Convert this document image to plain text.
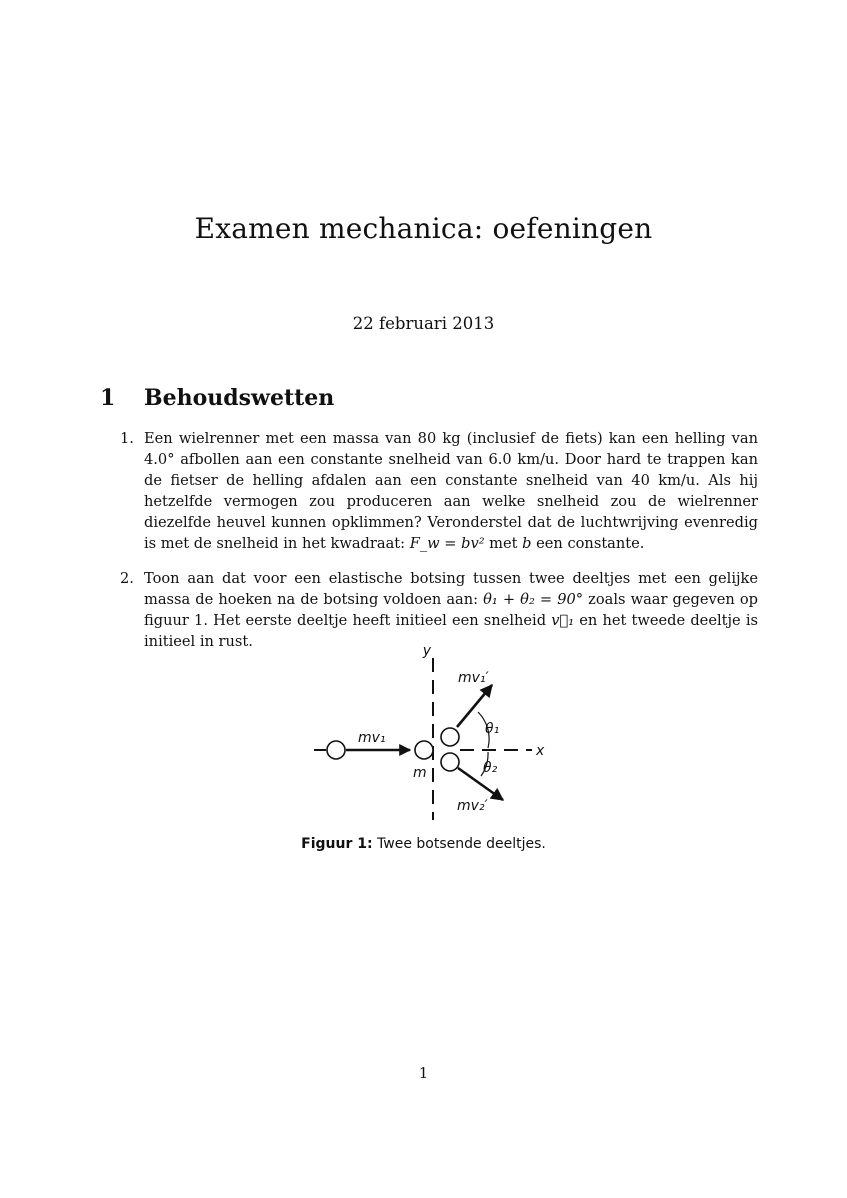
Examen mechanica: oefeningen
22 februari 2013
1 Behoudswetten
1. Een wielrenner met een massa van 80 kg (inclusief de fiets) kan een helling van 4.0° afbollen aan een constante snelheid van 6.0 km/u. Door hard te trappen kan de fietser de helling afdalen aan een constante snelheid van 40 km/u. Als hij hetzelfde vermogen zou produceren aan welke snelheid zou de wielrenner diezelfde heuvel kunnen opklimmen? Veronderstel dat de luchtwrijving evenredig is met de snelheid in het kwadraat: F_w = bv² met b een constante.
2. Toon aan dat voor een elastische botsing tussen twee deeltjes met een gelijke massa de hoeken na de botsing voldoen aan: θ₁ + θ₂ = 90° zoals waar gegeven op figuur 1. Het eerste deeltje heeft initieel een snelheid v⃗₁ en het tweede deeltje is initieel in rust.
y
x
m
mv₁
mv₁′
mv₂′
θ₁
θ₂
Figuur 1: Twee botsende deeltjes.
1
